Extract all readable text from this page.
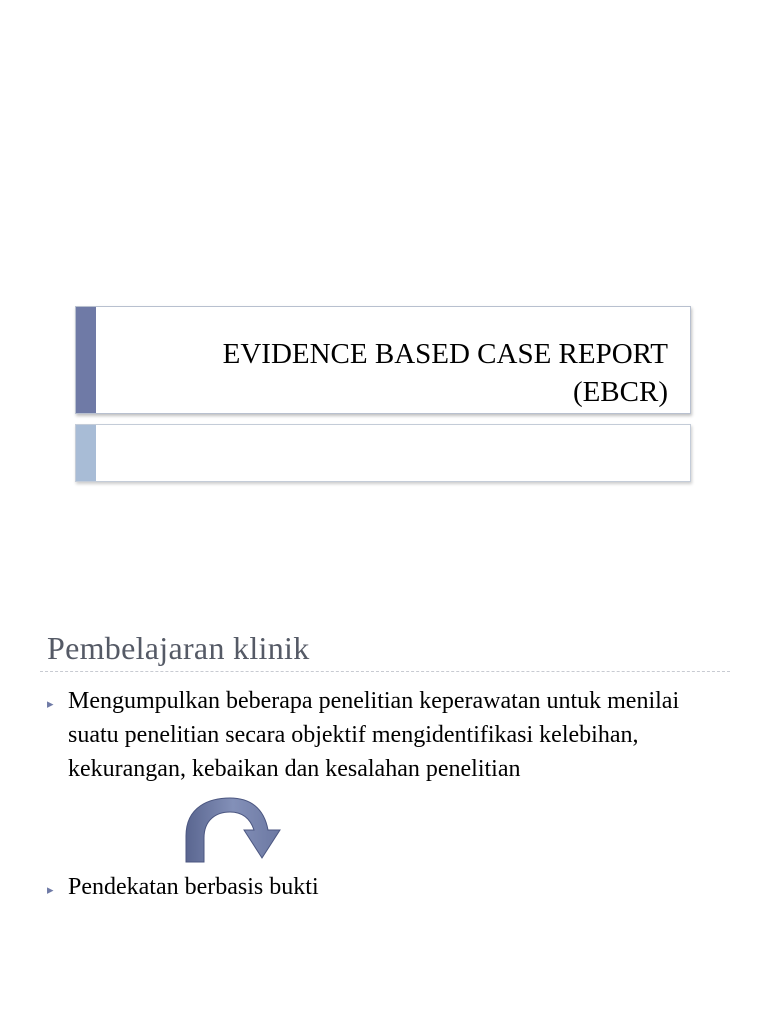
EVIDENCE BASED CASE REPORT
(EBCR)
Pembelajaran klinik
▸ Mengumpulkan beberapa penelitian keperawatan untuk menilai suatu penelitian secara objektif mengidentifikasi kelebihan, kekurangan, kebaikan dan kesalahan penelitian
▸ Pendekatan berbasis bukti
